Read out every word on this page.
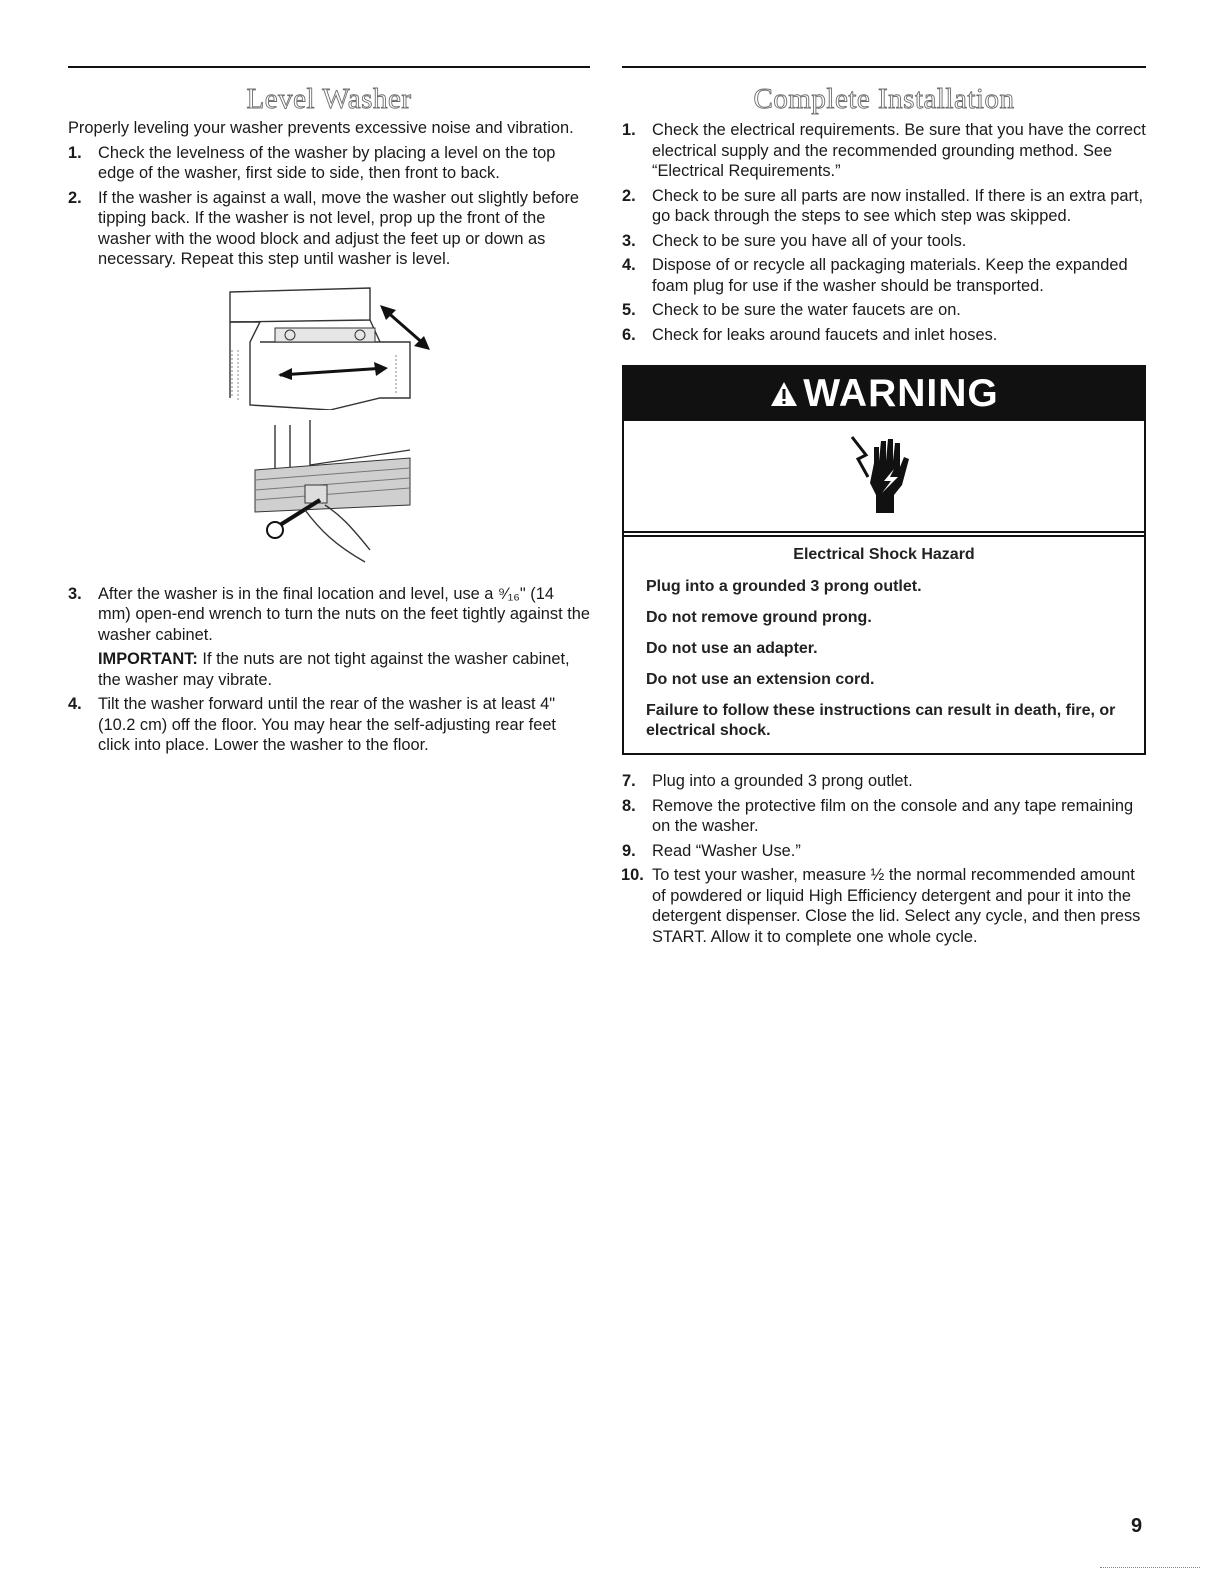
Level Washer

Properly leveling your washer prevents excessive noise and vibration.

1. Check the levelness of the washer by placing a level on the top edge of the washer, first side to side, then front to back.
2. If the washer is against a wall, move the washer out slightly before tipping back. If the washer is not level, prop up the front of the washer with the wood block and adjust the feet up or down as necessary. Repeat this step until washer is level.
3. After the washer is in the final location and level, use a ⁹⁄₁₆" (14 mm) open-end wrench to turn the nuts on the feet tightly against the washer cabinet.

IMPORTANT: If the nuts are not tight against the washer cabinet, the washer may vibrate.

4. Tilt the washer forward until the rear of the washer is at least 4" (10.2 cm) off the floor. You may hear the self-adjusting rear feet click into place. Lower the washer to the floor.
Complete Installation
1. Check the electrical requirements. Be sure that you have the correct electrical supply and the recommended grounding method. See “Electrical Requirements.”
2. Check to be sure all parts are now installed. If there is an extra part, go back through the steps to see which step was skipped.
3. Check to be sure you have all of your tools.
4. Dispose of or recycle all packaging materials. Keep the expanded foam plug for use if the washer should be transported.
5. Check to be sure the water faucets are on.
6. Check for leaks around faucets and inlet hoses.
WARNING

Electrical Shock Hazard

Plug into a grounded 3 prong outlet.

Do not remove ground prong.

Do not use an adapter.

Do not use an extension cord.

Failure to follow these instructions can result in death, fire, or electrical shock.

7. Plug into a grounded 3 prong outlet.
8. Remove the protective film on the console and any tape remaining on the washer.
9. Read “Washer Use.”
10. To test your washer, measure ½ the normal recommended amount of powdered or liquid High Efficiency detergent and pour it into the detergent dispenser. Close the lid. Select any cycle, and then press START. Allow it to complete one whole cycle.
9
